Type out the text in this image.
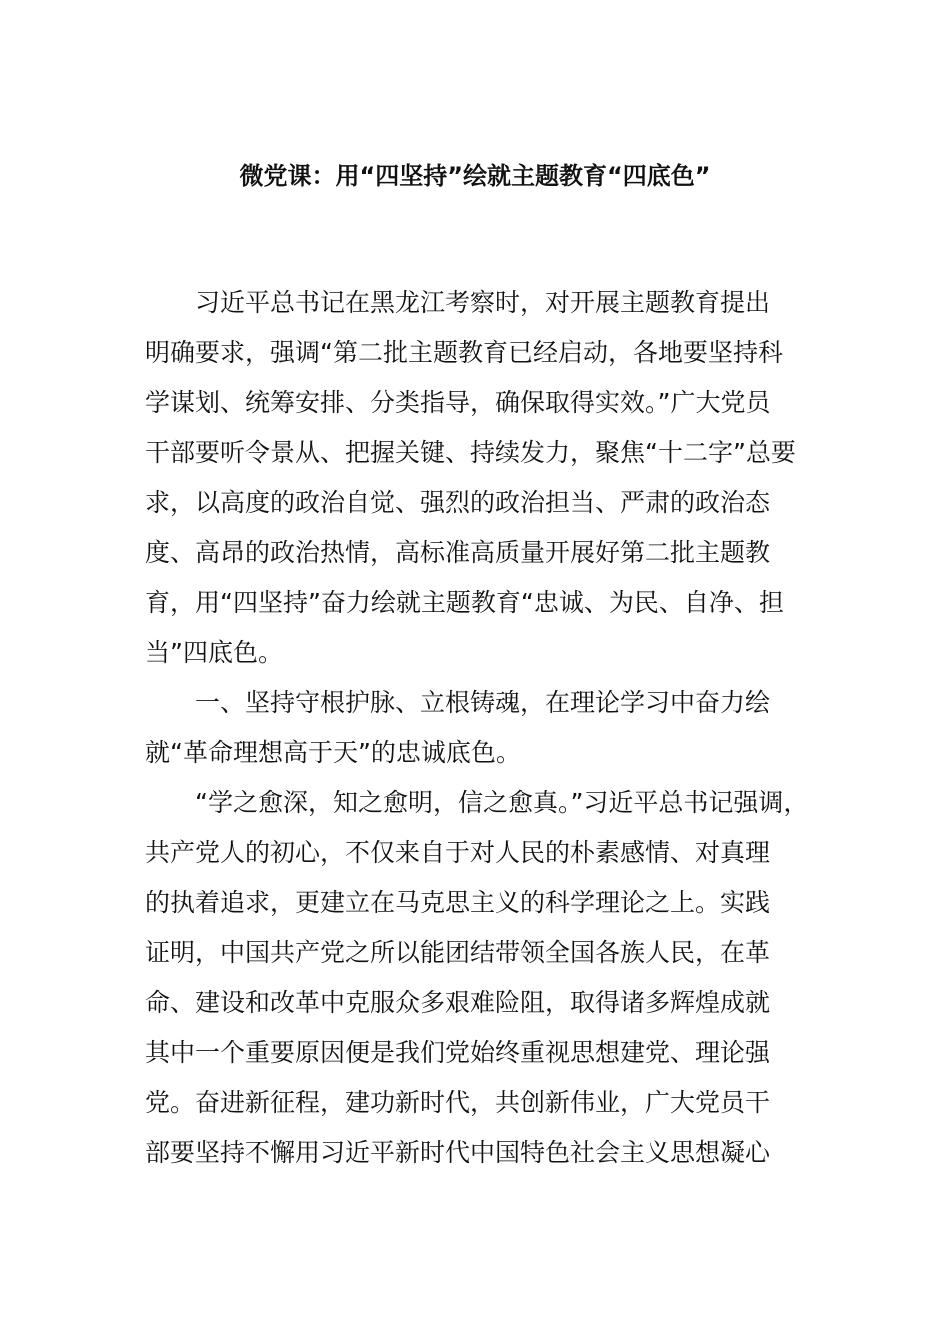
微党课：用“四坚持”绘就主题教育“四底色”
习近平总书记在黑龙江考察时，对开展主题教育提出
明确要求，强调“第二批主题教育已经启动，各地要坚持科
学谋划、统筹安排、分类指导，确保取得实效。”广大党员
干部要听令景从、把握关键、持续发力，聚焦“十二字”总要
求，以高度的政治自觉、强烈的政治担当、严肃的政治态
度、高昂的政治热情，高标准高质量开展好第二批主题教
育，用“四坚持”奋力绘就主题教育“忠诚、为民、自净、担
当”四底色。
一、坚持守根护脉、立根铸魂，在理论学习中奋力绘
就“革命理想高于天”的忠诚底色。
“学之愈深，知之愈明，信之愈真。”习近平总书记强调，
共产党人的初心，不仅来自于对人民的朴素感情、对真理
的执着追求，更建立在马克思主义的科学理论之上。实践
证明，中国共产党之所以能团结带领全国各族人民，在革
命、建设和改革中克服众多艰难险阻，取得诸多辉煌成就
其中一个重要原因便是我们党始终重视思想建党、理论强
党。奋进新征程，建功新时代，共创新伟业，广大党员干
部要坚持不懈用习近平新时代中国特色社会主义思想凝心
